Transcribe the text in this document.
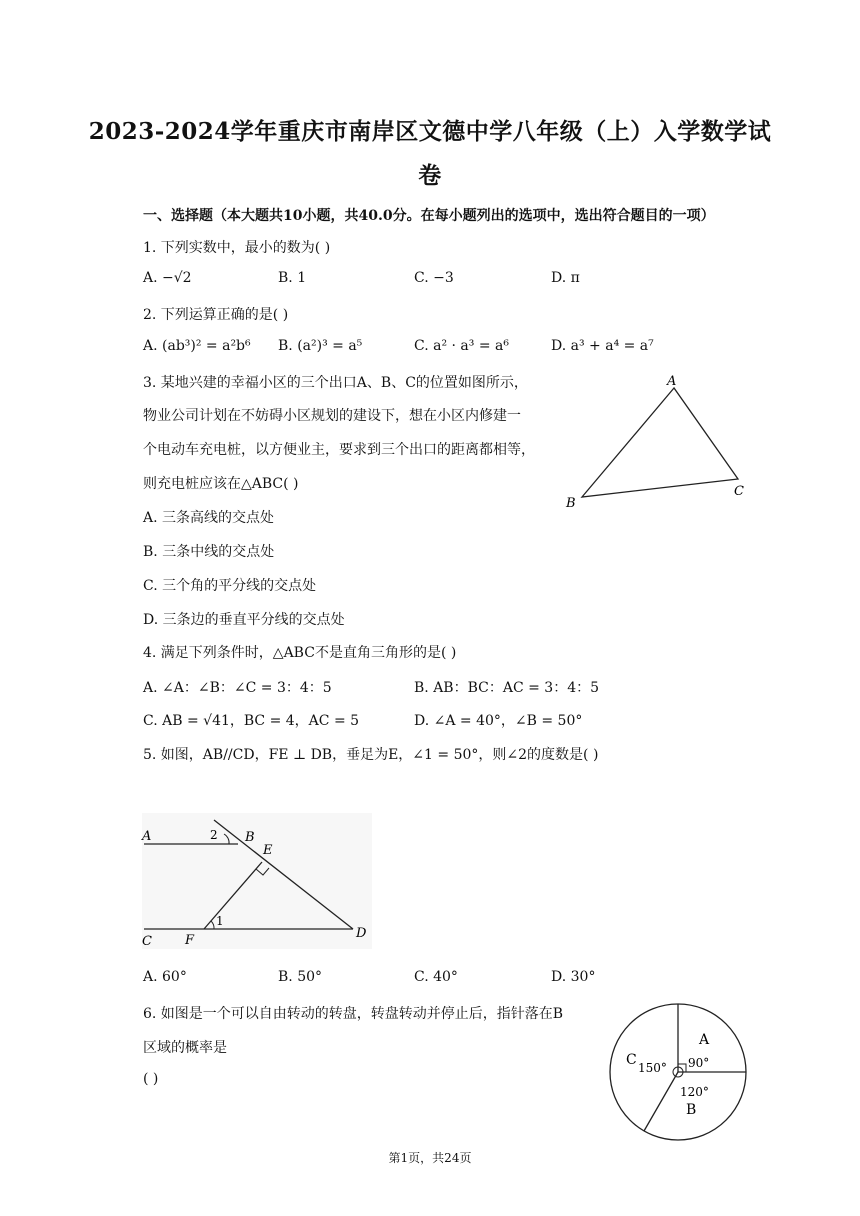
2023-2024学年重庆市南岸区文德中学八年级（上）入学数学试
卷
一、选择题（本大题共10小题，共40.0分。在每小题列出的选项中，选出符合题目的一项）
1. 下列实数中，最小的数为( )
A. −√2	B. 1	C. −3	D. π
2. 下列运算正确的是( )
A. (ab³)² = a²b⁶ B. (a²)³ = a⁵	C. a² · a³ = a⁶	D. a³ + a⁴ = a⁷
3. 某地兴建的幸福小区的三个出口A、B、C的位置如图所示，
物业公司计划在不妨碍小区规划的建设下，想在小区内修建一
个电动车充电桩，以方便业主，要求到三个出口的距离都相等，
则充电桩应该在△ABC( )
A. 三条高线的交点处
B. 三条中线的交点处
C. 三个角的平分线的交点处
D. 三条边的垂直平分线的交点处
A
B
C
4. 满足下列条件时，△ABC不是直角三角形的是( )
A. ∠A：∠B：∠C = 3：4：5	B. AB：BC：AC = 3：4：5
C. AB = √41，BC = 4，AC = 5	D. ∠A = 40°，∠B = 50°
5. 如图，AB//CD，FE ⊥ DB，垂足为E，∠1 = 50°，则∠2的度数是( )
A	B
C
D
E
F
1
2
A. 60°	B. 50°	C. 40°	D. 30°
6. 如图是一个可以自由转动的转盘，转盘转动并停止后，指针落在B
区域的概率是
( )
A
90°
C 150°
120°
B
第1页，共24页
